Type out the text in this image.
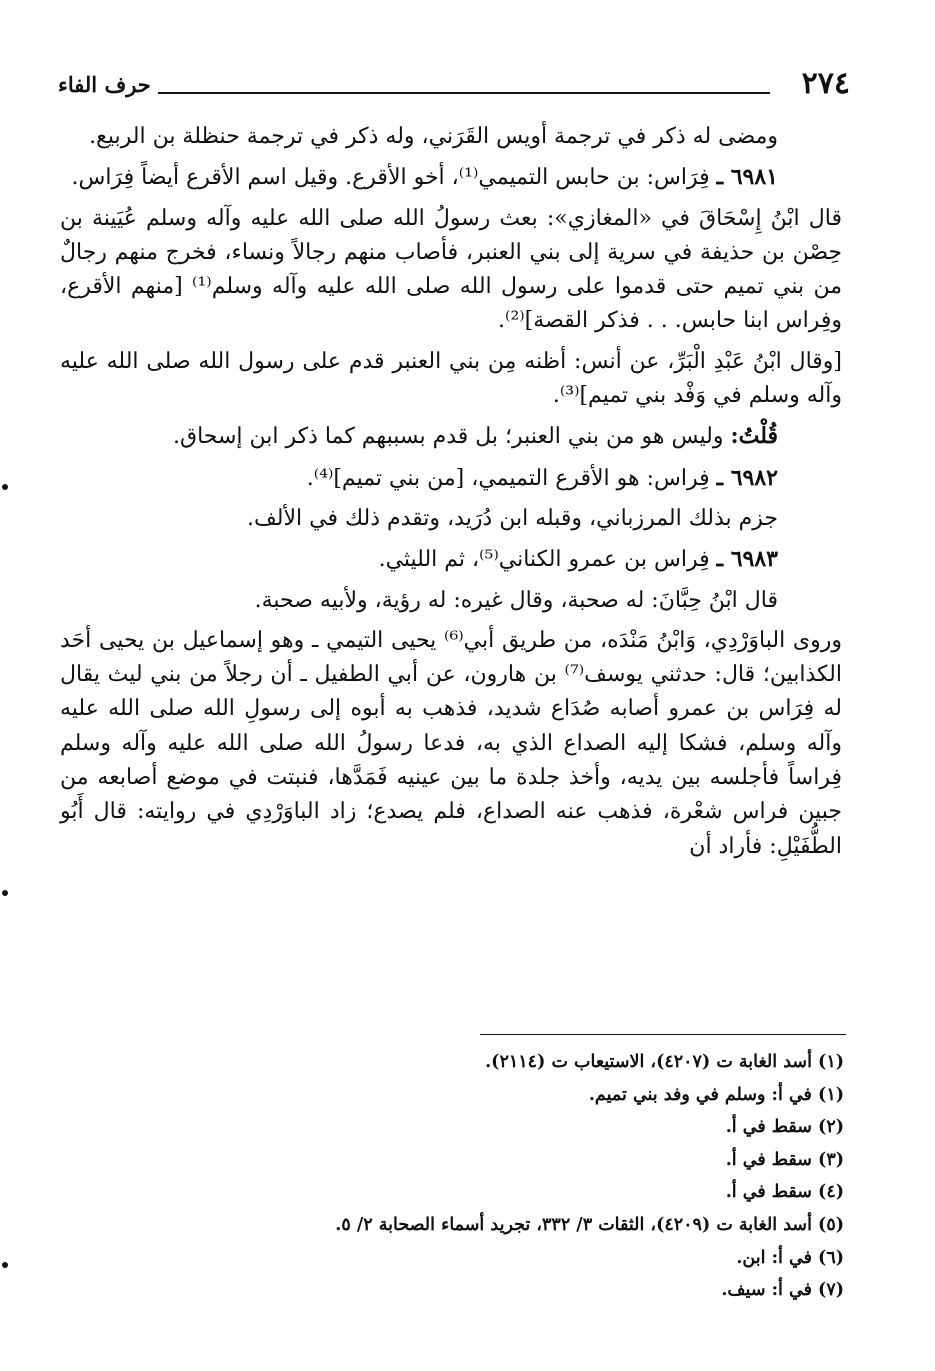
٢٧٤
حرف الفاء

ومضى له ذكر في ترجمة أويس القَرَني، وله ذكر في ترجمة حنظلة بن الربيع.

٦٩٨١ ـ فِرَاس: بن حابس التميمي⁽¹⁾، أخو الأقرع. وقيل اسم الأقرع أيضاً فِرَاس.

قال ابْنُ إِسْحَاقَ في «المغازي»: بعث رسولُ الله صلى الله عليه وآله وسلم عُيَينة بن حِصْن بن حذيفة في سرية إلى بني العنبر، فأصاب منهم رجالاً ونساء، فخرج منهم رجالٌ من بني تميم حتى قدموا على رسول الله صلى الله عليه وآله وسلم⁽¹⁾ [منهم الأقرع، وفِراس ابنا حابس. . . فذكر القصة]⁽²⁾.

[وقال ابْنُ عَبْدِ الْبَرِّ، عن أنس: أظنه مِن بني العنبر قدم على رسول الله صلى الله عليه وآله وسلم في وَفْد بني تميم]⁽³⁾.

قُلْتُ: وليس هو من بني العنبر؛ بل قدم بسببهم كما ذكر ابن إسحاق.

٦٩٨٢ ـ فِراس: هو الأقرع التميمي، [من بني تميم]⁽⁴⁾.

جزم بذلك المرزباني، وقبله ابن دُرَيد، وتقدم ذلك في الألف.

٦٩٨٣ ـ فِراس بن عمرو الكناني⁽⁵⁾، ثم الليثي.

قال ابْنُ حِبَّانَ: له صحبة، وقال غيره: له رؤية، ولأبيه صحبة.

وروى الباوَرْدِي، وَابْنُ مَنْدَه، من طريق أبي⁽⁶⁾ يحيى التيمي ـ وهو إسماعيل بن يحيى أحَد الكذابين؛ قال: حدثني يوسف⁽⁷⁾ بن هارون، عن أبي الطفيل ـ أن رجلاً من بني ليث يقال له فِرَاس بن عمرو أصابه صُدَاع شديد، فذهب به أبوه إلى رسولِ الله صلى الله عليه وآله وسلم، فشكا إليه الصداع الذي به، فدعا رسولُ الله صلى الله عليه وآله وسلم فِراساً فأجلسه بين يديه، وأخذ جلدة ما بين عينيه فَمَدَّها، فنبتت في موضع أصابعه من جبين فراس شعْرة، فذهب عنه الصداع، فلم يصدع؛ زاد الباوَرْدِي في روايته: قال أَبُو الطُّفَيْلِ: فأراد أن

(١) أسد الغابة ت (٤٢٠٧)، الاستيعاب ت (٢١١٤).
(١) في أ: وسلم في وفد بني تميم.
(٢) سقط في أ.
(٣) سقط في أ.
(٤) سقط في أ.
(٥) أسد الغابة ت (٤٢٠٩)، الثقات ٣/ ٣٣٢، تجريد أسماء الصحابة ٢/ ٥.
(٦) في أ: ابن.
(٧) في أ: سيف.
